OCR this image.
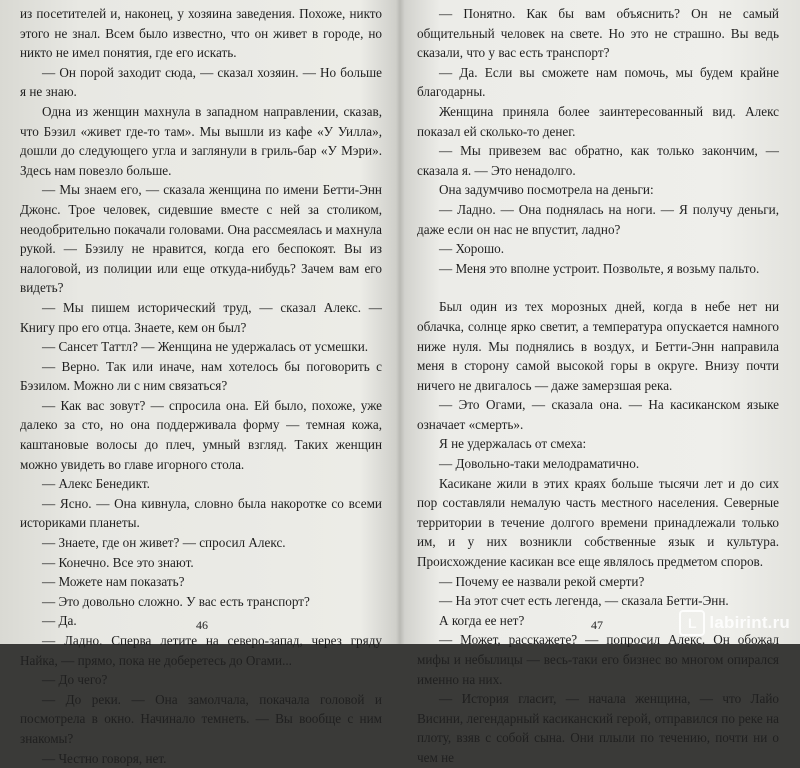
из посетителей и, наконец, у хозяина заведения. Похоже, никто этого не знал. Всем было известно, что он живет в городе, но никто не имел понятия, где его искать.

— Он порой заходит сюда, — сказал хозяин. — Но больше я не знаю.

Одна из женщин махнула в западном направлении, сказав, что Бэзил «живет где-то там». Мы вышли из кафе «У Уилла», дошли до следующего угла и заглянули в гриль-бар «У Мэри». Здесь нам повезло больше.

— Мы знаем его, — сказала женщина по имени Бетти-Энн Джонс. Трое человек, сидевшие вместе с ней за столиком, неодобрительно покачали головами. Она рассмеялась и махнула рукой. — Бэзилу не нравится, когда его беспокоят. Вы из налоговой, из полиции или еще откуда-нибудь? Зачем вам его видеть?

— Мы пишем исторический труд, — сказал Алекс. — Книгу про его отца. Знаете, кем он был?

— Сансет Таттл? — Женщина не удержалась от усмешки.

— Верно. Так или иначе, нам хотелось бы поговорить с Бэзилом. Можно ли с ним связаться?

— Как вас зовут? — спросила она. Ей было, похоже, уже далеко за сто, но она поддерживала форму — темная кожа, каштановые волосы до плеч, умный взгляд. Таких женщин можно увидеть во главе игорного стола.

— Алекс Бенедикт.

— Ясно. — Она кивнула, словно была накоротке со всеми историками планеты.

— Знаете, где он живет? — спросил Алекс.

— Конечно. Все это знают.

— Можете нам показать?

— Это довольно сложно. У вас есть транспорт?

— Да.

— Ладно. Сперва летите на северо-запад, через гряду Найка, — прямо, пока не доберетесь до Огами...

— До чего?

— До реки. — Она замолчала, покачала головой и посмотрела в окно. Начинало темнеть. — Вы вообще с ним знакомы?

— Честно говоря, нет.

46

— Понятно. Как бы вам объяснить? Он не самый общительный человек на свете. Но это не страшно. Вы ведь сказали, что у вас есть транспорт?

— Да. Если вы сможете нам помочь, мы будем крайне благодарны.

Женщина приняла более заинтересованный вид. Алекс показал ей сколько-то денег.

— Мы привезем вас обратно, как только закончим, — сказала я. — Это ненадолго.

Она задумчиво посмотрела на деньги:

— Ладно. — Она поднялась на ноги. — Я получу деньги, даже если он нас не впустит, ладно?

— Хорошо.

— Меня это вполне устроит. Позвольте, я возьму пальто.

Был один из тех морозных дней, когда в небе нет ни облачка, солнце ярко светит, а температура опускается намного ниже нуля. Мы поднялись в воздух, и Бетти-Энн направила меня в сторону самой высокой горы в округе. Внизу почти ничего не двигалось — даже замерзшая река.

— Это Огами, — сказала она. — На касиканском языке означает «смерть».

Я не удержалась от смеха:

— Довольно-таки мелодраматично.

Касикане жили в этих краях больше тысячи лет и до сих пор составляли немалую часть местного населения. Северные территории в течение долгого времени принадлежали только им, и у них возникли собственные язык и культура. Происхождение касикан все еще являлось предметом споров.

— Почему ее назвали рекой смерти?

— На этот счет есть легенда, — сказала Бетти-Энн.

А когда ее нет?

— Может, расскажете? — попросил Алекс. Он обожал мифы и небылицы — весь-таки его бизнес во многом опирался именно на них.

— История гласит, — начала женщина, — что Лайо Висини, легендарный касиканский герой, отправился по реке на плоту, взяв с собой сына. Они плыли по течению, почти ни о чем не

47	L labirint.ru
